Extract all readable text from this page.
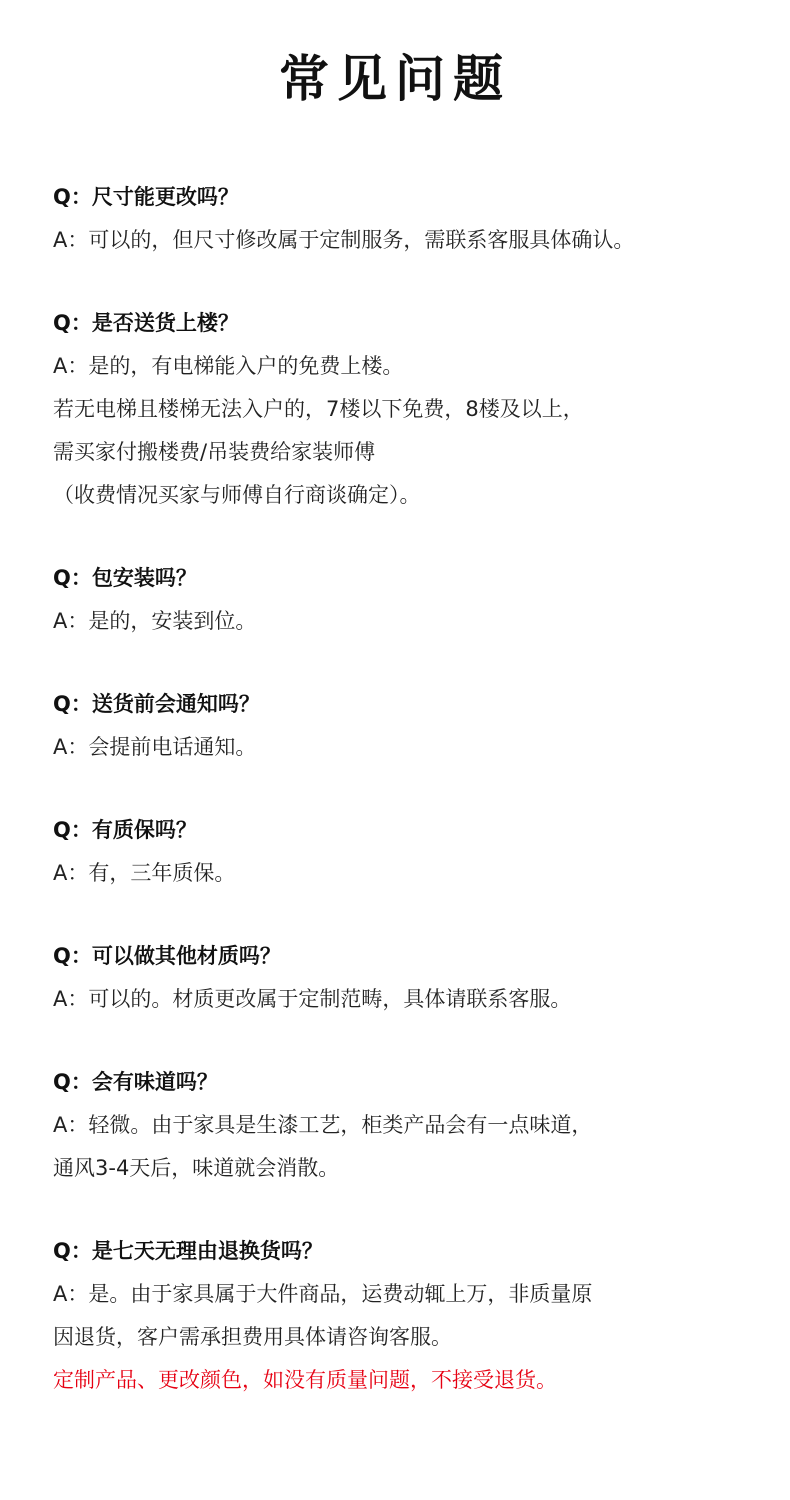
常见问题
Q：尺寸能更改吗？
A：可以的，但尺寸修改属于定制服务，需联系客服具体确认。
Q：是否送货上楼？
A：是的，有电梯能入户的免费上楼。
若无电梯且楼梯无法入户的，7楼以下免费，8楼及以上，
需买家付搬楼费/吊装费给家装师傅
（收费情况买家与师傅自行商谈确定）。
Q：包安装吗？
A：是的，安装到位。
Q：送货前会通知吗？
A：会提前电话通知。
Q：有质保吗？
A：有，三年质保。
Q：可以做其他材质吗？
A：可以的。材质更改属于定制范畴，具体请联系客服。
Q：会有味道吗？
A：轻微。由于家具是生漆工艺，柜类产品会有一点味道，
通风3-4天后，味道就会消散。
Q：是七天无理由退换货吗？
A：是。由于家具属于大件商品，运费动辄上万，非质量原
因退货，客户需承担费用具体请咨询客服。
定制产品、更改颜色，如没有质量问题，不接受退货。
